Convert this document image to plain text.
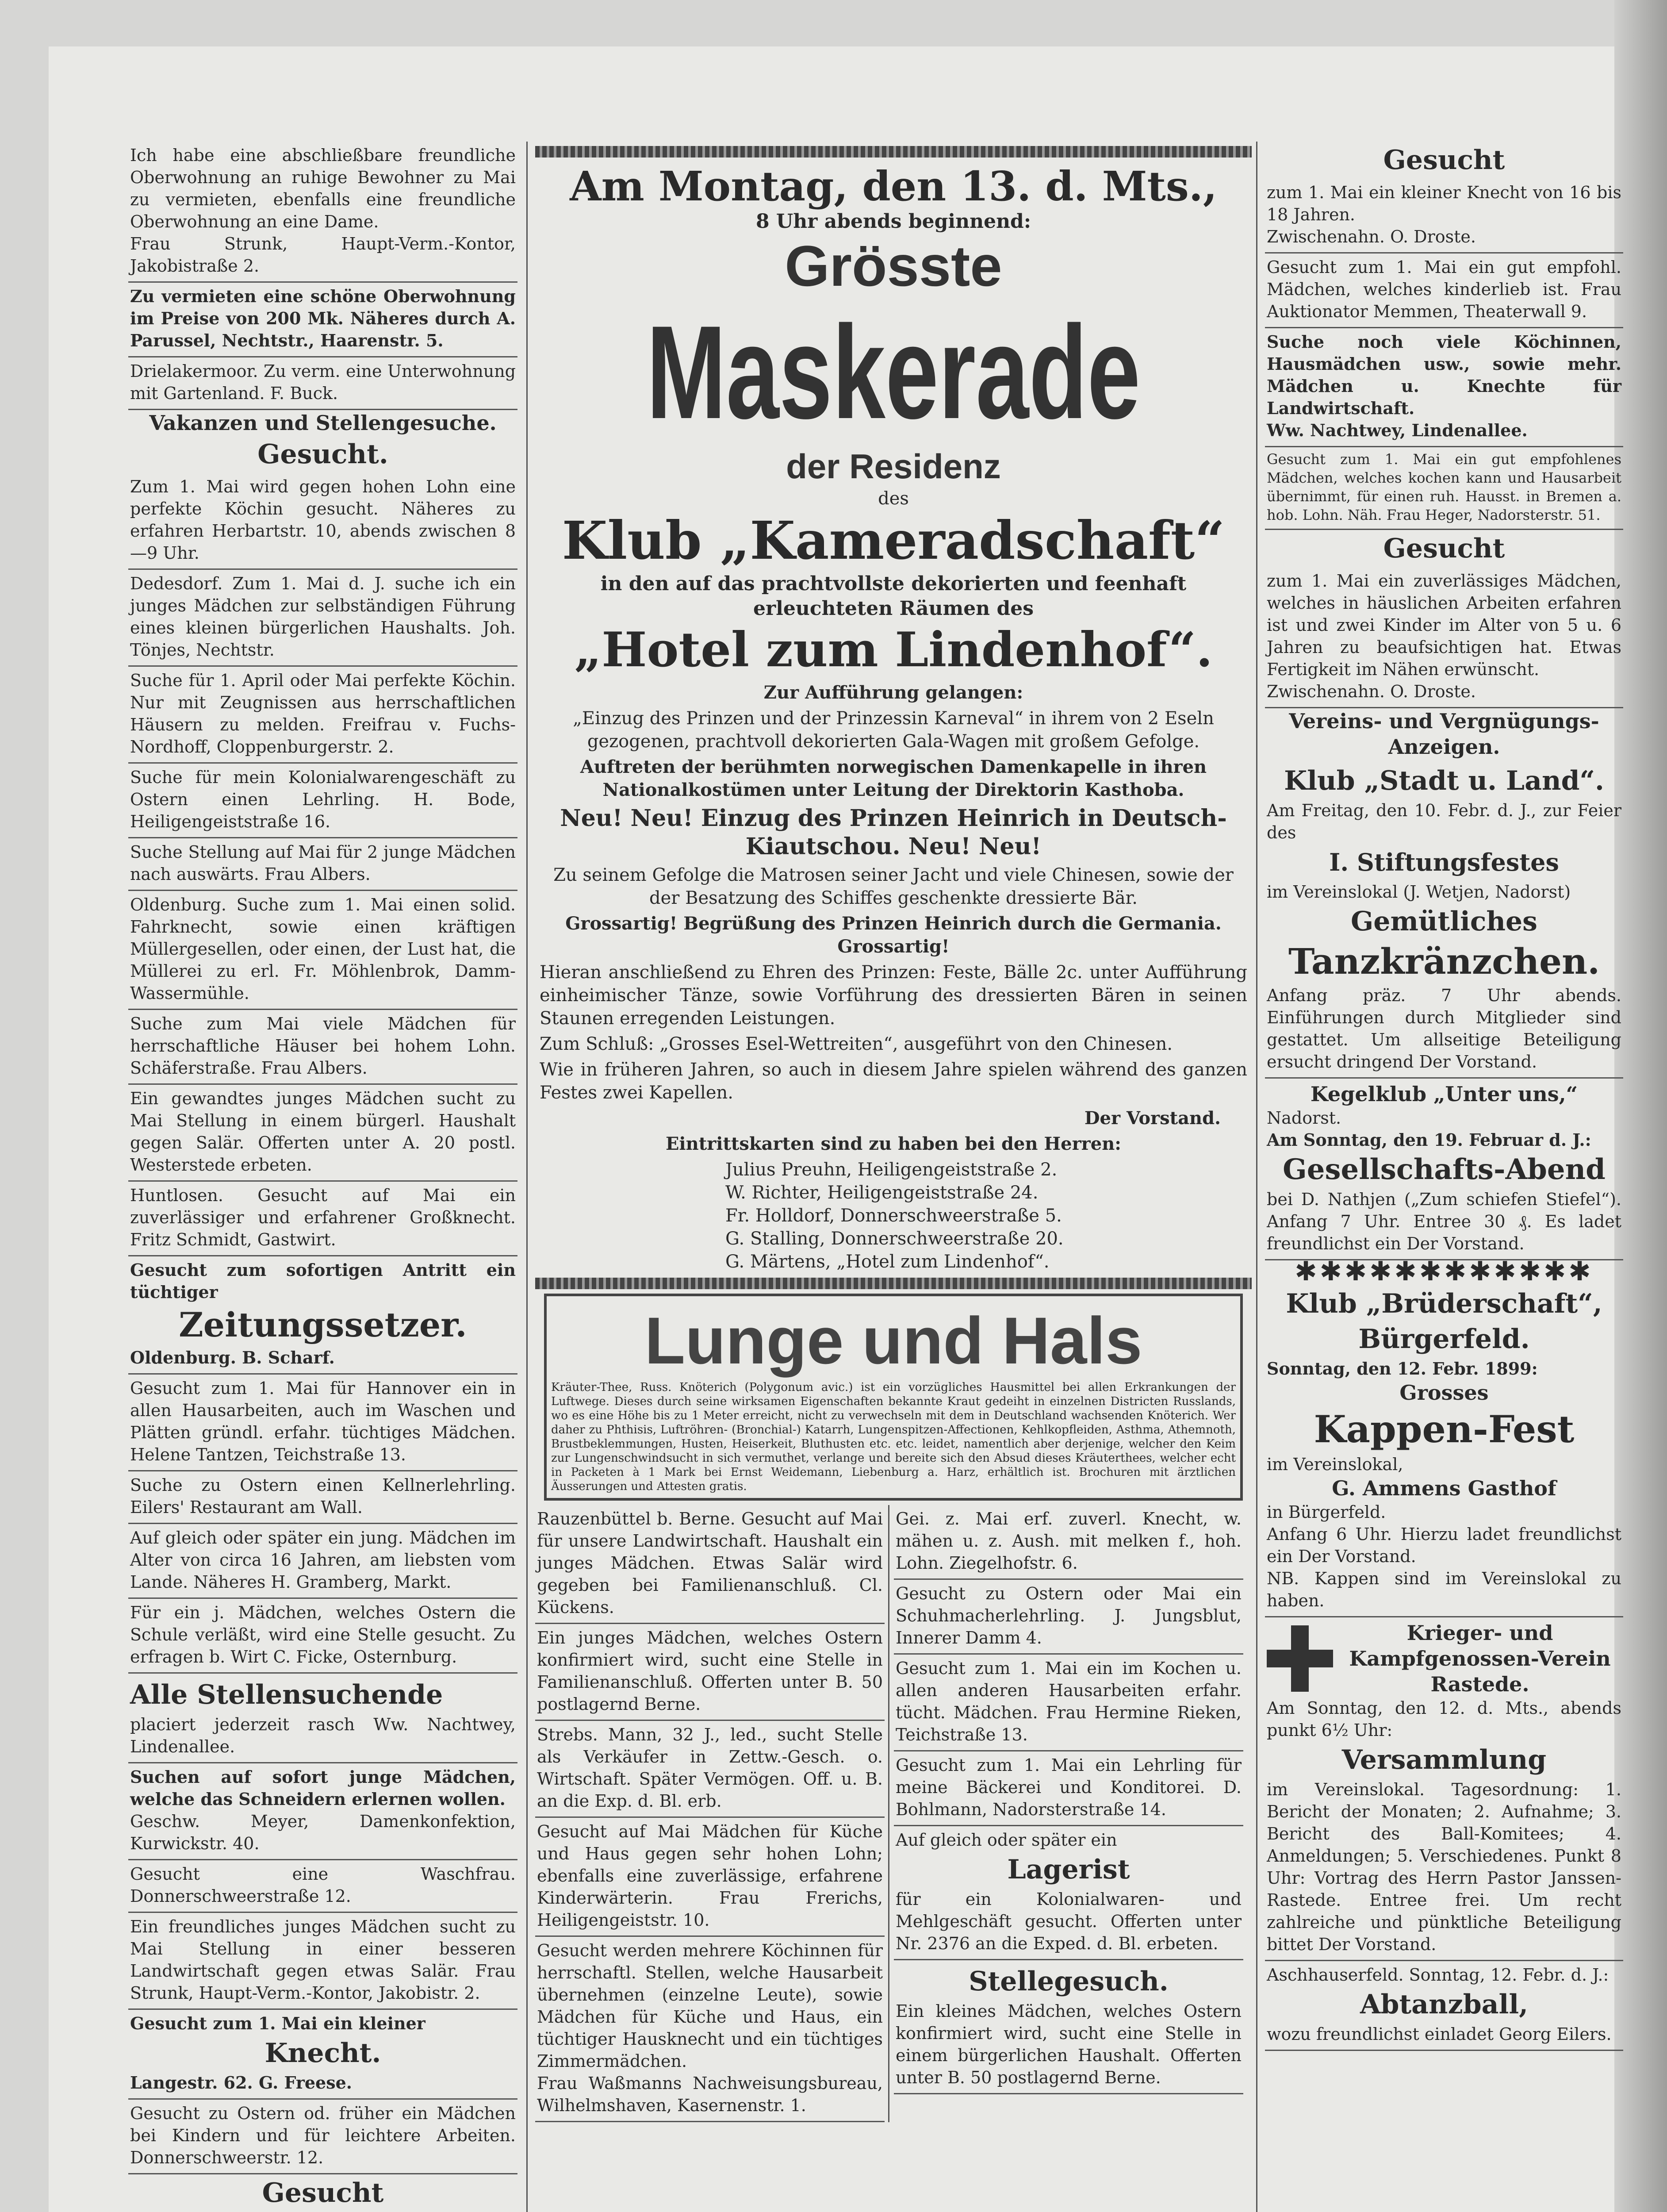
Ich habe eine abschließbare freundliche Oberwohnung an ruhige Bewohner zu Mai zu vermieten, ebenfalls eine freundliche Oberwohnung an eine Dame.

Frau Strunk, Haupt-Verm.-Kontor, Jakobistraße 2.

Zu vermieten eine schöne Oberwohnung im Preise von 200 Mk. Näheres durch A. Parussel, Nechtstr., Haarenstr. 5.

Drielakermoor. Zu verm. eine Unterwohnung mit Gartenland. F. Buck.

Vakanzen und Stellengesuche.
Gesucht.

Zum 1. Mai wird gegen hohen Lohn eine perfekte Köchin gesucht. Näheres zu erfahren Herbartstr. 10, abends zwischen 8—9 Uhr.

Dedesdorf. Zum 1. Mai d. J. suche ich ein junges Mädchen zur selbständigen Führung eines kleinen bürgerlichen Haushalts. Joh. Tönjes, Nechtstr.

Suche für 1. April oder Mai perfekte Köchin. Nur mit Zeugnissen aus herrschaftlichen Häusern zu melden. Freifrau v. Fuchs-Nordhoff, Cloppenburgerstr. 2.

Suche für mein Kolonialwarengeschäft zu Ostern einen Lehrling. H. Bode, Heiligengeiststraße 16.

Suche Stellung auf Mai für 2 junge Mädchen nach auswärts. Frau Albers.

Oldenburg. Suche zum 1. Mai einen solid. Fahrknecht, sowie einen kräftigen Müllergesellen, oder einen, der Lust hat, die Müllerei zu erl. Fr. Möhlenbrok, Damm-Wassermühle.

Suche zum Mai viele Mädchen für herrschaftliche Häuser bei hohem Lohn. Schäferstraße. Frau Albers.

Ein gewandtes junges Mädchen sucht zu Mai Stellung in einem bürgerl. Haushalt gegen Salär. Offerten unter A. 20 postl. Westerstede erbeten.

Huntlosen. Gesucht auf Mai ein zuverlässiger und erfahrener Großknecht. Fritz Schmidt, Gastwirt.

Gesucht zum sofortigen Antritt ein tüchtiger

Zeitungssetzer.

Oldenburg. B. Scharf.

Gesucht zum 1. Mai für Hannover ein in allen Hausarbeiten, auch im Waschen und Plätten gründl. erfahr. tüchtiges Mädchen. Helene Tantzen, Teichstraße 13.

Suche zu Ostern einen Kellnerlehrling. Eilers' Restaurant am Wall.

Auf gleich oder später ein jung. Mädchen im Alter von circa 16 Jahren, am liebsten vom Lande. Näheres H. Gramberg, Markt.

Für ein j. Mädchen, welches Ostern die Schule verläßt, wird eine Stelle gesucht. Zu erfragen b. Wirt C. Ficke, Osternburg.

Alle Stellensuchende

placiert jederzeit rasch Ww. Nachtwey, Lindenallee.

Suchen auf sofort junge Mädchen, welche das Schneidern erlernen wollen.

Geschw. Meyer, Damenkonfektion, Kurwickstr. 40.

Gesucht eine Waschfrau. Donnerschweerstraße 12.

Ein freundliches junges Mädchen sucht zu Mai Stellung in einer besseren Landwirtschaft gegen etwas Salär. Frau Strunk, Haupt-Verm.-Kontor, Jakobistr. 2.

Gesucht zum 1. Mai ein kleiner

Knecht.

Langestr. 62. G. Freese.

Gesucht zu Ostern od. früher ein Mädchen bei Kindern und für leichtere Arbeiten. Donnerschweerstr. 12.

Gesucht

Am Montag, den 13. d. Mts.,
8 Uhr abends beginnend:
Grösste
Maskerade
der Residenz
des
Klub „Kameradschaft“
in den auf das prachtvollste dekorierten und feenhaft erleuchteten Räumen des
„Hotel zum Lindenhof“.

Zur Aufführung gelangen:

„Einzug des Prinzen und der Prinzessin Karneval“ in ihrem von 2 Eseln gezogenen, prachtvoll dekorierten Gala-Wagen mit großem Gefolge.

Auftreten der berühmten norwegischen Damenkapelle in ihren Nationalkostümen unter Leitung der Direktorin Kasthoba.

Neu! Neu! Einzug des Prinzen Heinrich in Deutsch-Kiautschou. Neu! Neu!

Zu seinem Gefolge die Matrosen seiner Jacht und viele Chinesen, sowie der der Besatzung des Schiffes geschenkte dressierte Bär.

Grossartig! Begrüßung des Prinzen Heinrich durch die Germania. Grossartig!

Hieran anschließend zu Ehren des Prinzen: Feste, Bälle 2c. unter Aufführung einheimischer Tänze, sowie Vorführung des dressierten Bären in seinen Staunen erregenden Leistungen.

Zum Schluß: „Grosses Esel-Wettreiten“, ausgeführt von den Chinesen.

Wie in früheren Jahren, so auch in diesem Jahre spielen während des ganzen Festes zwei Kapellen.

Der Vorstand.

Eintrittskarten sind zu haben bei den Herren:

Julius Preuhn, Heiligengeiststraße 2.
W. Richter, Heiligengeiststraße 24.
Fr. Holldorf, Donnerschweerstraße 5.
G. Stalling, Donnerschweerstraße 20.
G. Märtens, „Hotel zum Lindenhof“.
Lunge und Hals

Kräuter-Thee, Russ. Knöterich (Polygonum avic.) ist ein vorzügliches Hausmittel bei allen Erkrankungen der Luftwege. Dieses durch seine wirksamen Eigenschaften bekannte Kraut gedeiht in einzelnen Districten Russlands, wo es eine Höhe bis zu 1 Meter erreicht, nicht zu verwechseln mit dem in Deutschland wachsenden Knöterich. Wer daher zu Phthisis, Luftröhren- (Bronchial-) Katarrh, Lungenspitzen-Affectionen, Kehlkopfleiden, Asthma, Athemnoth, Brustbeklemmungen, Husten, Heiserkeit, Bluthusten etc. etc. leidet, namentlich aber derjenige, welcher den Keim zur Lungenschwindsucht in sich vermuthet, verlange und bereite sich den Absud dieses Kräuterthees, welcher echt in Packeten à 1 Mark bei Ernst Weidemann, Liebenburg a. Harz, erhältlich ist. Brochuren mit ärztlichen Äusserungen und Attesten gratis.

Rauzenbüttel b. Berne. Gesucht auf Mai für unsere Landwirtschaft. Haushalt ein junges Mädchen. Etwas Salär wird gegeben bei Familienanschluß. Cl. Kückens.

Ein junges Mädchen, welches Ostern konfirmiert wird, sucht eine Stelle in Familienanschluß. Offerten unter B. 50 postlagernd Berne.

Strebs. Mann, 32 J., led., sucht Stelle als Verkäufer in Zettw.-Gesch. o. Wirtschaft. Später Vermögen. Off. u. B. an die Exp. d. Bl. erb.

Gesucht auf Mai Mädchen für Küche und Haus gegen sehr hohen Lohn; ebenfalls eine zuverlässige, erfahrene Kinderwärterin. Frau Frerichs, Heiligengeiststr. 10.

Gesucht werden mehrere Köchinnen für herrschaftl. Stellen, welche Hausarbeit übernehmen (einzelne Leute), sowie Mädchen für Küche und Haus, ein tüchtiger Hausknecht und ein tüchtiges Zimmermädchen.

Frau Waßmanns Nachweisungsbureau, Wilhelmshaven, Kasernenstr. 1.

Gei. z. Mai erf. zuverl. Knecht, w. mähen u. z. Aush. mit melken f., hoh. Lohn. Ziegelhofstr. 6.

Gesucht zu Ostern oder Mai ein Schuhmacherlehrling. J. Jungsblut, Innerer Damm 4.

Gesucht zum 1. Mai ein im Kochen u. allen anderen Hausarbeiten erfahr. tücht. Mädchen. Frau Hermine Rieken, Teichstraße 13.

Gesucht zum 1. Mai ein Lehrling für meine Bäckerei und Konditorei. D. Bohlmann, Nadorsterstraße 14.

Auf gleich oder später ein

Lagerist

für ein Kolonialwaren- und Mehlgeschäft gesucht. Offerten unter Nr. 2376 an die Exped. d. Bl. erbeten.

Stellegesuch.

Ein kleines Mädchen, welches Ostern konfirmiert wird, sucht eine Stelle in einem bürgerlichen Haushalt. Offerten unter B. 50 postlagernd Berne.

Gesucht

zum 1. Mai ein kleiner Knecht von 16 bis 18 Jahren.

Zwischenahn. O. Droste.

Gesucht zum 1. Mai ein gut empfohl. Mädchen, welches kinderlieb ist. Frau Auktionator Memmen, Theaterwall 9.

Suche noch viele Köchinnen, Hausmädchen usw., sowie mehr. Mädchen u. Knechte für Landwirtschaft.

Ww. Nachtwey, Lindenallee.

Gesucht zum 1. Mai ein gut empfohlenes Mädchen, welches kochen kann und Hausarbeit übernimmt, für einen ruh. Hausst. in Bremen a. hob. Lohn. Näh. Frau Heger, Nadorsterstr. 51.

Gesucht

zum 1. Mai ein zuverlässiges Mädchen, welches in häuslichen Arbeiten erfahren ist und zwei Kinder im Alter von 5 u. 6 Jahren zu beaufsichtigen hat. Etwas Fertigkeit im Nähen erwünscht.

Zwischenahn. O. Droste.

Vereins- und Vergnügungs-Anzeigen.
Klub „Stadt u. Land“.

Am Freitag, den 10. Febr. d. J., zur Feier des

I. Stiftungsfestes

im Vereinslokal (J. Wetjen, Nadorst)

Gemütliches
Tanzkränzchen.

Anfang präz. 7 Uhr abends. Einführungen durch Mitglieder sind gestattet. Um allseitige Beteiligung ersucht dringend Der Vorstand.

Kegelklub „Unter uns,“

Nadorst.

Am Sonntag, den 19. Februar d. J.:

Gesellschafts-Abend

bei D. Nathjen („Zum schiefen Stiefel“). Anfang 7 Uhr. Entree 30 ₰. Es ladet freundlichst ein Der Vorstand.

✱✱✱✱✱✱✱✱✱✱✱✱
Klub „Brüderschaft“,
Bürgerfeld.

Sonntag, den 12. Febr. 1899:

Grosses
Kappen-Fest

im Vereinslokal,

G. Ammens Gasthof

in Bürgerfeld.

Anfang 6 Uhr. Hierzu ladet freundlichst ein Der Vorstand.

NB. Kappen sind im Vereinslokal zu haben.

Krieger- und Kampfgenossen-Verein Rastede.

Am Sonntag, den 12. d. Mts., abends punkt 6½ Uhr:

Versammlung

im Vereinslokal. Tagesordnung: 1. Bericht der Monaten; 2. Aufnahme; 3. Bericht des Ball-Komitees; 4. Anmeldungen; 5. Verschiedenes. Punkt 8 Uhr: Vortrag des Herrn Pastor Janssen-Rastede. Entree frei. Um recht zahlreiche und pünktliche Beteiligung bittet Der Vorstand.

Aschhauserfeld. Sonntag, 12. Febr. d. J.:

Abtanzball,

wozu freundlichst einladet Georg Eilers.
